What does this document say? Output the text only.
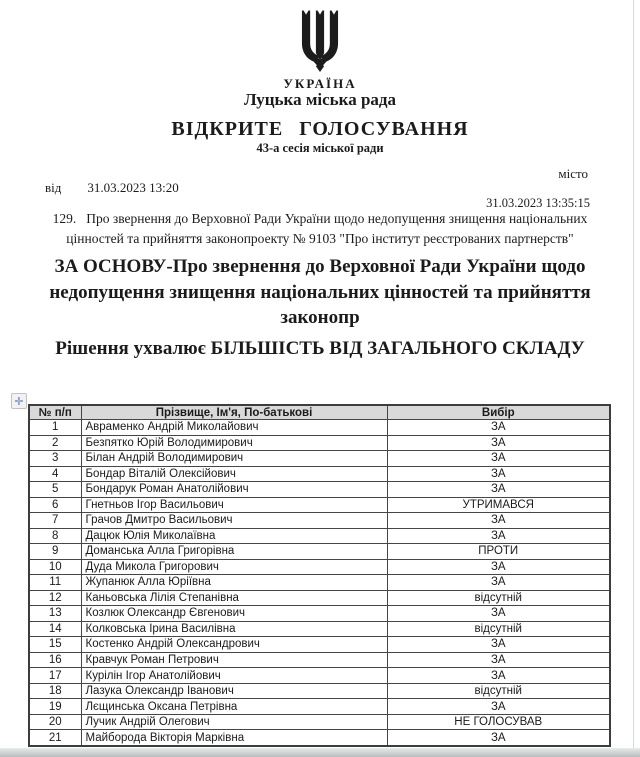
УКРАЇНА
Луцька міська рада
ВІДКРИТЕ ГОЛОСУВАННЯ
43-а сесія міської ради
місто
від 31.03.2023 13:20
31.03.2023 13:35:15
129. Про звернення до Верховної Ради України щодо недопущення знищення національних цінностей та прийняття законопроекту № 9103 "Про інститут реєстрованих партнерств"
ЗА ОСНОВУ-Про звернення до Верховної Ради України щодо недопущення знищення національних цінностей та прийняття законопр
Рішення ухвалює БІЛЬШІСТЬ ВІД ЗАГАЛЬНОГО СКЛАДУ
✛
№ п/п	Прізвище, Ім'я, По-батькові	Вибір
1	Авраменко Андрій Миколайович	ЗА
2	Безпятко Юрій Володимирович	ЗА
3	Білан Андрій Володимирович	ЗА
4	Бондар Віталій Олексійович	ЗА
5	Бондарук Роман Анатолійович	ЗА
6	Гнетньов Ігор Васильович	УТРИМАВСЯ
7	Грачов Дмитро Васильович	ЗА
8	Дацюк Юлія Миколаївна	ЗА
9	Доманська Алла Григорівна	ПРОТИ
10	Дуда Микола Григорович	ЗА
11	Жупанюк Алла Юріївна	ЗА
12	Каньовська Лілія Степанівна	відсутній
13	Козлюк Олександр Євгенович	ЗА
14	Колковська Ірина Василівна	відсутній
15	Костенко Андрій Олександрович	ЗА
16	Кравчук Роман Петрович	ЗА
17	Курілін Ігор Анатолійович	ЗА
18	Лазука Олександр Іванович	відсутній
19	Лєщинська Оксана Петрівна	ЗА
20	Лучик Андрій Олегович	НЕ ГОЛОСУВАВ
21	Майборода Вікторія Марківна	ЗА
